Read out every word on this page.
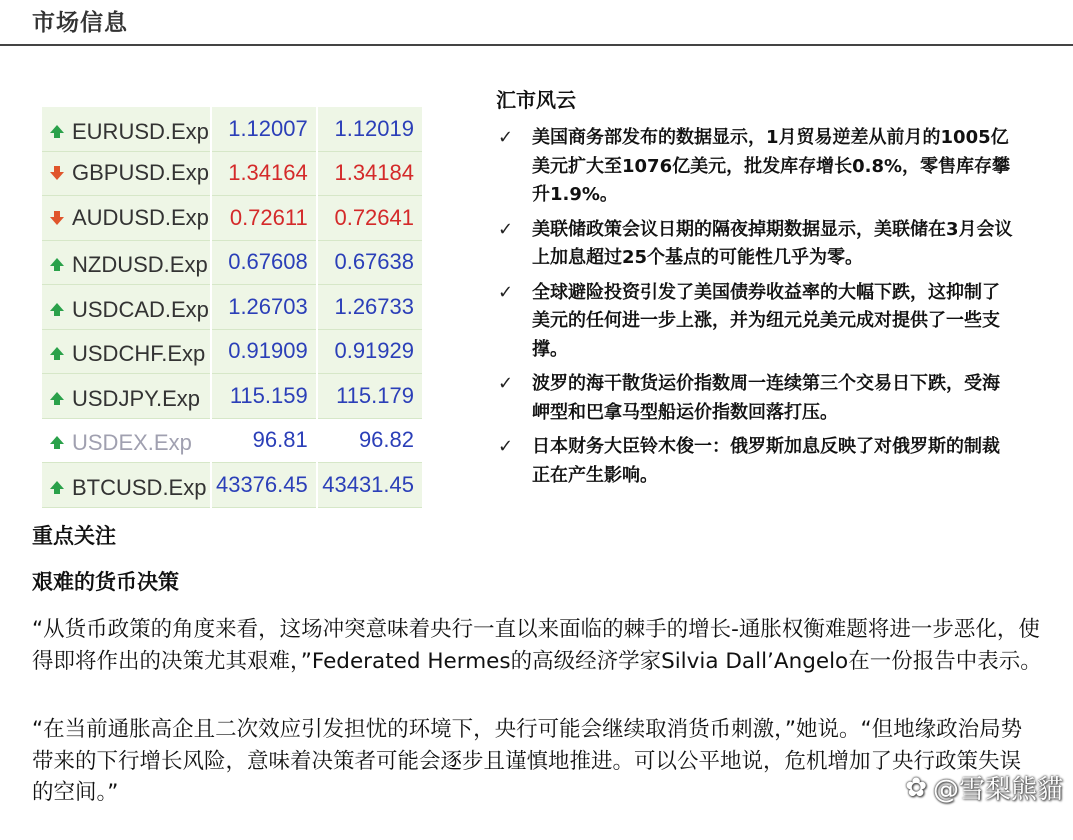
市场信息
EURUSD.Exp	1.12007	1.12019

GBPUSD.Exp	1.34164	1.34184

AUDUSD.Exp	0.72611	0.72641

NZDUSD.Exp	0.67608	0.67638

USDCAD.Exp	1.26703	1.26733

USDCHF.Exp	0.91909	0.91929

USDJPY.Exp	115.159	115.179

USDEX.Exp	96.81	96.82

BTCUSD.Exp	43376.45	43431.45
汇市风云
✓ 美国商务部发布的数据显示，1月贸易逆差从前月的1005亿美元扩大至1076亿美元，批发库存增长0.8%，零售库存攀升1.9%。
✓ 美联储政策会议日期的隔夜掉期数据显示，美联储在3月会议上加息超过25个基点的可能性几乎为零。
✓ 全球避险投资引发了美国债券收益率的大幅下跌，这抑制了美元的任何进一步上涨，并为纽元兑美元成对提供了一些支撑。
✓ 波罗的海干散货运价指数周一连续第三个交易日下跌，受海岬型和巴拿马型船运价指数回落打压。
✓ 日本财务大臣铃木俊一：俄罗斯加息反映了对俄罗斯的制裁正在产生影响。
重点关注
艰难的货币决策

“从货币政策的角度来看，这场冲突意味着央行一直以来面临的棘手的增长-通胀权衡难题将进一步恶化，使得即将作出的决策尤其艰难，”Federated Hermes的高级经济学家Silvia Dall’Angelo在一份报告中表示。

“在当前通胀高企且二次效应引发担忧的环境下，央行可能会继续取消货币刺激，”她说。“但地缘政治局势带来的下行增长风险，意味着决策者可能会逐步且谨慎地推进。可以公平地说，危机增加了央行政策失误的空间。”	✿ @雪梨熊貓
